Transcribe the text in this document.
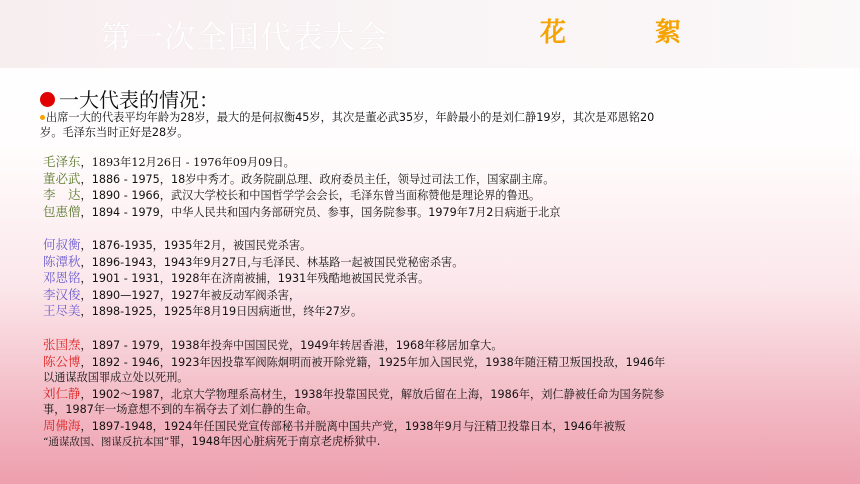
第一次全国代表大会	花	絮
一大代表的情况：
出席一大的代表平均年龄为28岁，最大的是何叔衡45岁，其次是董必武35岁，年龄最小的是刘仁静19岁，其次是邓恩铭20岁。毛泽东当时正好是28岁。
毛泽东，1893年12月26日 - 1976年09月09日。
董必武，1886 - 1975，18岁中秀才。政务院副总理、政府委员主任，领导过司法工作，国家副主席。
李　达，1890 - 1966，武汉大学校长和中国哲学学会会长，毛泽东曾当面称赞他是理论界的鲁迅。
包惠僧，1894 - 1979，中华人民共和国内务部研究员、参事，国务院参事。1979年7月2日病逝于北京
何叔衡，1876-1935，1935年2月，被国民党杀害。
陈潭秋，1896-1943，1943年9月27日,与毛泽民、林基路一起被国民党秘密杀害。
邓恩铭，1901 - 1931，1928年在济南被捕，1931年残酷地被国民党杀害。
李汉俊，1890—1927，1927年被反动军阀杀害，
王尽美，1898-1925，1925年8月19日因病逝世，终年27岁。
张国焘，1897 - 1979，1938年投奔中国国民党，1949年转居香港，1968年移居加拿大。
陈公博，1892 - 1946，1923年因投靠军阀陈炯明而被开除党籍，1925年加入国民党，1938年随汪精卫叛国投敌，1946年以通谋敌国罪成立处以死刑。
刘仁静，1902～1987，北京大学物理系高材生，1938年投靠国民党，解放后留在上海，1986年，刘仁静被任命为国务院参事，1987年一场意想不到的车祸夺去了刘仁静的生命。
周佛海，1897-1948，1924年任国民党宣传部秘书并脱离中国共产党，1938年9月与汪精卫投靠日本，1946年被叛
“通谋敌国、图谋反抗本国”罪，1948年因心脏病死于南京老虎桥狱中.
